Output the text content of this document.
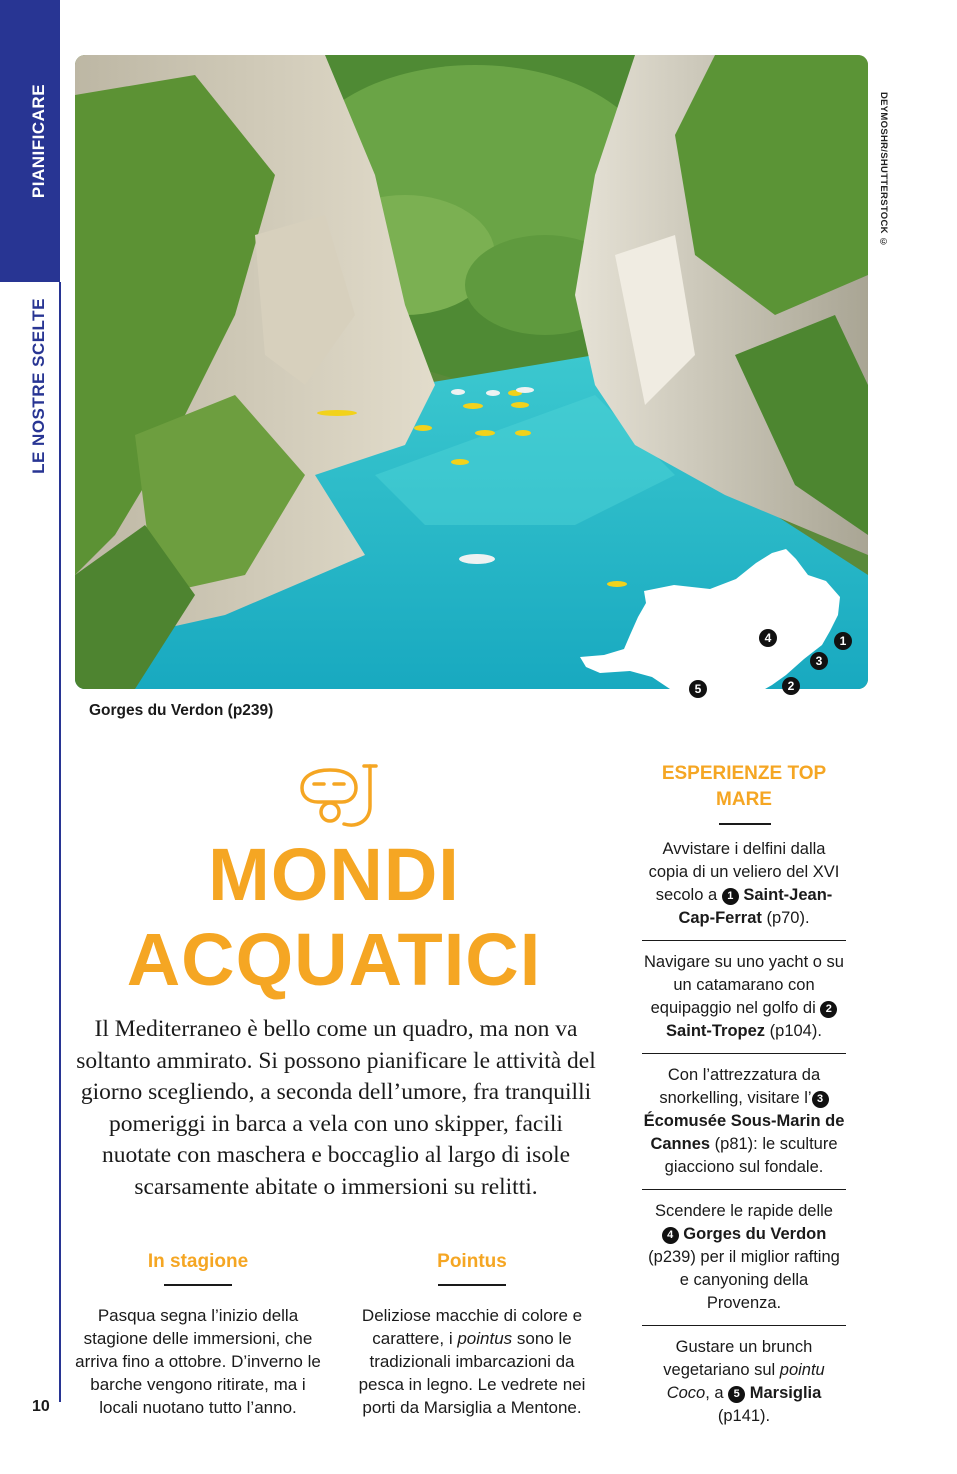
PIANIFICARE
LE NOSTRE SCELTE
DEYMOSHR/SHUTTERSTOCK ©
1
2
3
4
5
Gorges du Verdon (p239)
MONDI
ACQUATICI

Il Mediterraneo è bello come un quadro, ma non va soltanto ammirato. Si possono pianificare le attività del giorno scegliendo, a seconda dell’umore, fra tranquilli pomeriggi in barca a vela con uno skipper, facili nuotate con maschera e boccaglio al largo di isole scarsamente abitate o immersioni su relitti.

In stagione

Pasqua segna l’inizio della stagione delle immersioni, che arriva fino a ottobre. D’inverno le barche vengono ritirate, ma i locali nuotano tutto l’anno.

Pointus

Deliziose macchie di colore e carattere, i pointus sono le tradizionali imbarcazioni da pesca in legno. Le vedrete nei porti da Marsiglia a Mentone.

10
ESPERIENZE TOP
MARE

Avvistare i delfini dalla copia di un veliero del XVI secolo a 1 Saint-Jean-Cap-Ferrat (p70).

Navigare su uno yacht o su un catamarano con equipaggio nel golfo di 2 Saint-Tropez (p104).

Con l’attrezzatura da snorkelling, visitare l’ 3 Écomusée Sous-Marin de Cannes (p81): le sculture giacciono sul fondale.

Scendere le rapide delle
4 Gorges du Verdon (p239) per il miglior rafting e canyoning della Provenza.

Gustare un brunch vegetariano sul pointu Coco, a 5 Marsiglia (p141).
